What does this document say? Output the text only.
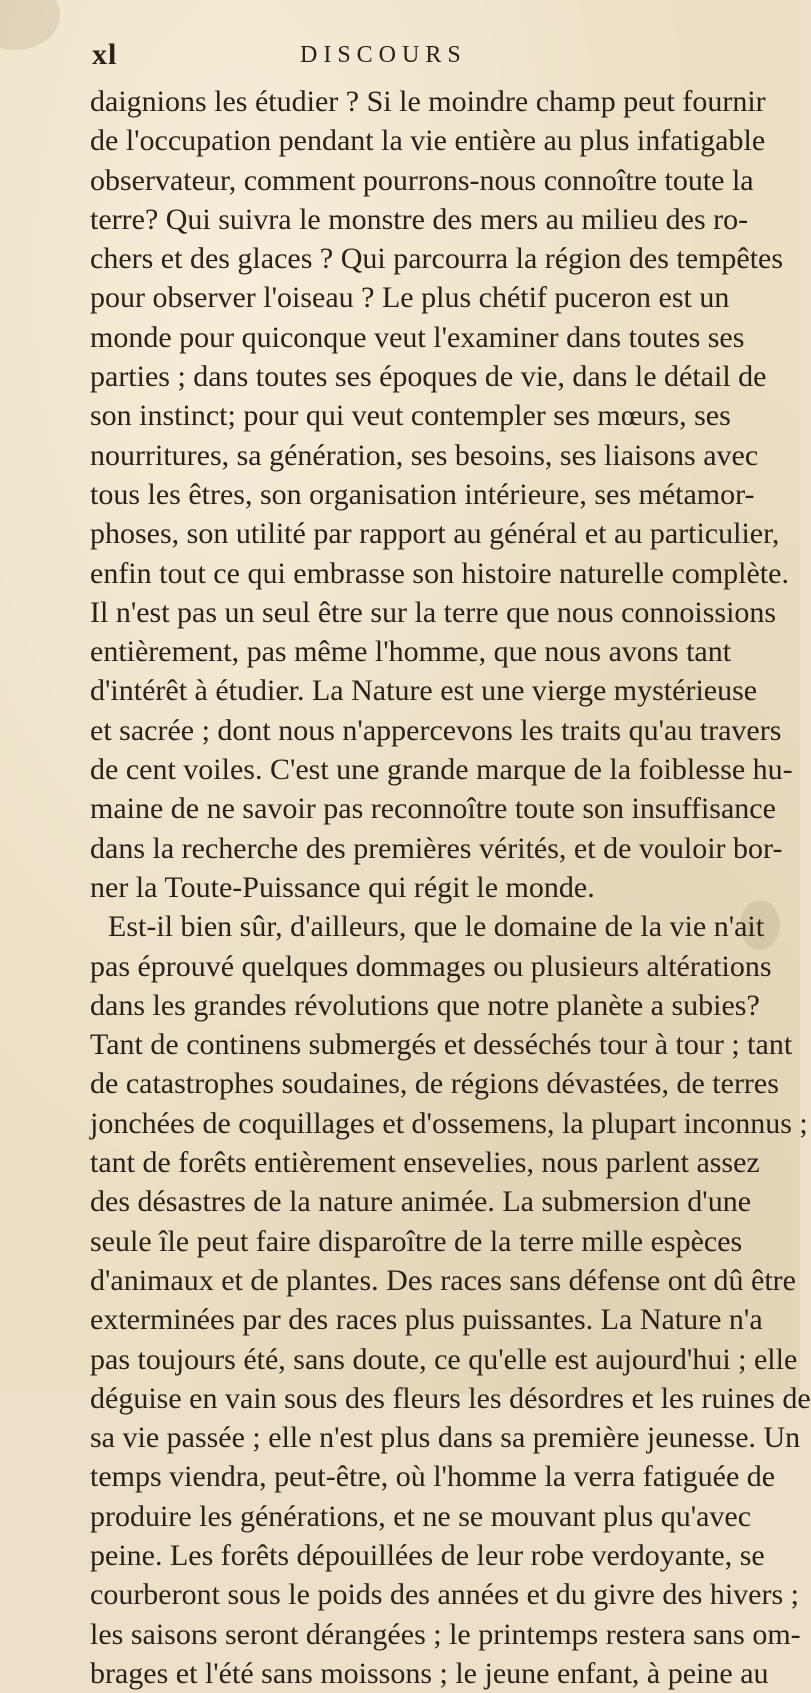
xl	DISCOURS
daignions les étudier ? Si le moindre champ peut fournir
de l'occupation pendant la vie entière au plus infatigable
observateur, comment pourrons-nous connoître toute la
terre? Qui suivra le monstre des mers au milieu des ro-
chers et des glaces ? Qui parcourra la région des tempêtes
pour observer l'oiseau ? Le plus chétif puceron est un
monde pour quiconque veut l'examiner dans toutes ses
parties ; dans toutes ses époques de vie, dans le détail de
son instinct; pour qui veut contempler ses mœurs, ses
nourritures, sa génération, ses besoins, ses liaisons avec
tous les êtres, son organisation intérieure, ses métamor-
phoses, son utilité par rapport au général et au particulier,
enfin tout ce qui embrasse son histoire naturelle complète.
Il n'est pas un seul être sur la terre que nous connoissions
entièrement, pas même l'homme, que nous avons tant
d'intérêt à étudier. La Nature est une vierge mystérieuse
et sacrée ; dont nous n'appercevons les traits qu'au travers
de cent voiles. C'est une grande marque de la foiblesse hu-
maine de ne savoir pas reconnoître toute son insuffisance
dans la recherche des premières vérités, et de vouloir bor-
ner la Toute-Puissance qui régit le monde.
Est-il bien sûr, d'ailleurs, que le domaine de la vie n'ait
pas éprouvé quelques dommages ou plusieurs altérations
dans les grandes révolutions que notre planète a subies?
Tant de continens submergés et desséchés tour à tour ; tant
de catastrophes soudaines, de régions dévastées, de terres
jonchées de coquillages et d'ossemens, la plupart inconnus ;
tant de forêts entièrement ensevelies, nous parlent assez
des désastres de la nature animée. La submersion d'une
seule île peut faire disparoître de la terre mille espèces
d'animaux et de plantes. Des races sans défense ont dû être
exterminées par des races plus puissantes. La Nature n'a
pas toujours été, sans doute, ce qu'elle est aujourd'hui ; elle
déguise en vain sous des fleurs les désordres et les ruines de
sa vie passée ; elle n'est plus dans sa première jeunesse. Un
temps viendra, peut-être, où l'homme la verra fatiguée de
produire les générations, et ne se mouvant plus qu'avec
peine. Les forêts dépouillées de leur robe verdoyante, se
courberont sous le poids des années et du givre des hivers ;
les saisons seront dérangées ; le printemps restera sans om-
brages et l'été sans moissons ; le jeune enfant, à peine au
